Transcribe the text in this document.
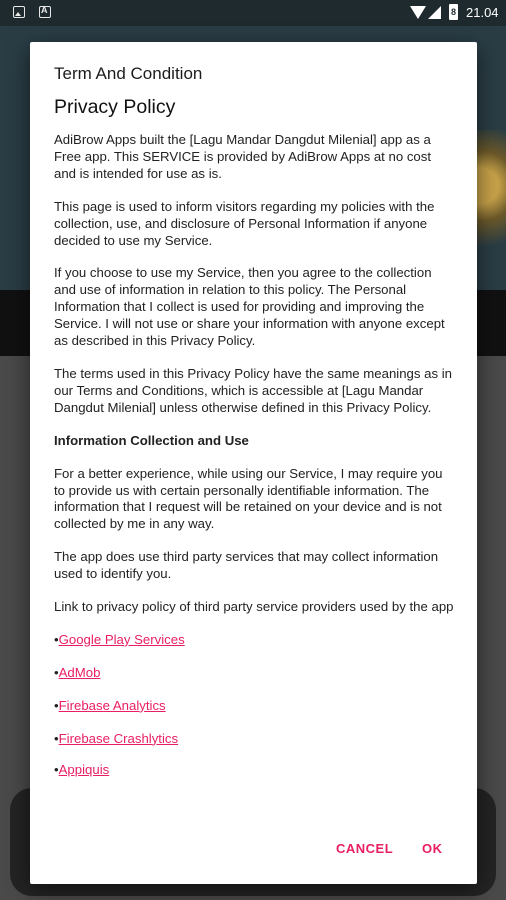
A
8 21.04
Term And Condition
Privacy Policy

AdiBrow Apps built the [Lagu Mandar Dangdut Milenial] app as a Free app. This SERVICE is provided by AdiBrow Apps at no cost and is intended for use as is.

This page is used to inform visitors regarding my policies with the collection, use, and disclosure of Personal Information if anyone decided to use my Service.

If you choose to use my Service, then you agree to the collection and use of information in relation to this policy. The Personal Information that I collect is used for providing and improving the Service. I will not use or share your information with anyone except as described in this Privacy Policy.

The terms used in this Privacy Policy have the same meanings as in our Terms and Conditions, which is accessible at [Lagu Mandar Dangdut Milenial] unless otherwise defined in this Privacy Policy.

Information Collection and Use

For a better experience, while using our Service, I may require you to provide us with certain personally identifiable information. The information that I request will be retained on your device and is not collected by me in any way.

The app does use third party services that may collect information used to identify you.

Link to privacy policy of third party service providers used by the app

•Google Play Services

•AdMob

•Firebase Analytics

•Firebase Crashlytics

•Appiquis

CANCEL OK
